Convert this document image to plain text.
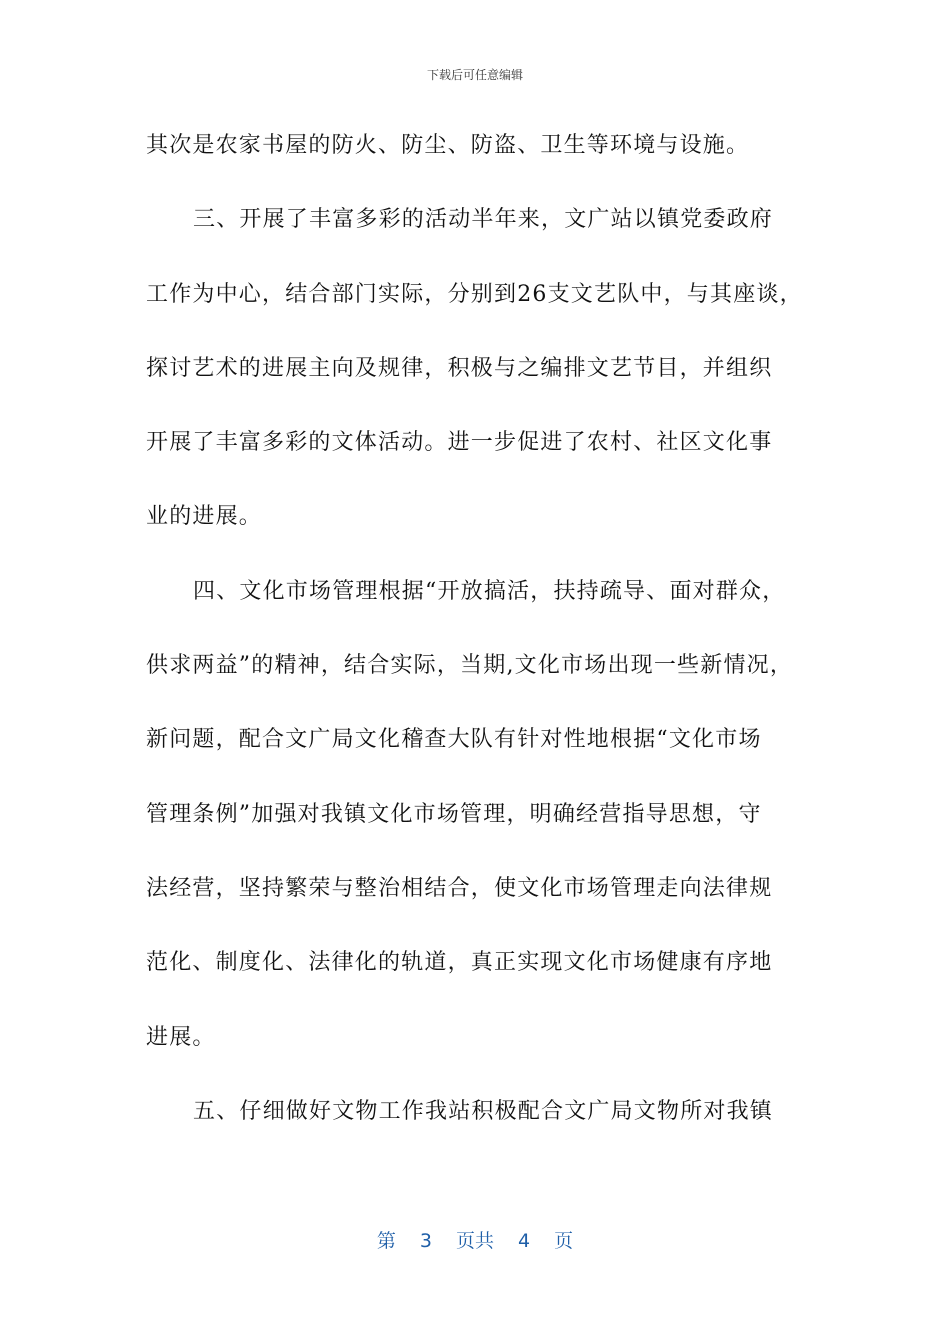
下载后可任意编辑
其次是农家书屋的防火、防尘、防盗、卫生等环境与设施。
三、开展了丰富多彩的活动半年来，文广站以镇党委政府
工作为中心，结合部门实际，分别到26支文艺队中，与其座谈，
探讨艺术的进展主向及规律，积极与之编排文艺节目，并组织
开展了丰富多彩的文体活动。进一步促进了农村、社区文化事
业的进展。
四、文化市场管理根据“开放搞活，扶持疏导、面对群众，
供求两益”的精神，结合实际，当期,文化市场出现一些新情况，
新问题，配合文广局文化稽查大队有针对性地根据“文化市场
管理条例”加强对我镇文化市场管理，明确经营指导思想，守
法经营，坚持繁荣与整治相结合，使文化市场管理走向法律规
范化、制度化、法律化的轨道，真正实现文化市场健康有序地
进展。
五、仔细做好文物工作我站积极配合文广局文物所对我镇
第 3 页共 4 页
